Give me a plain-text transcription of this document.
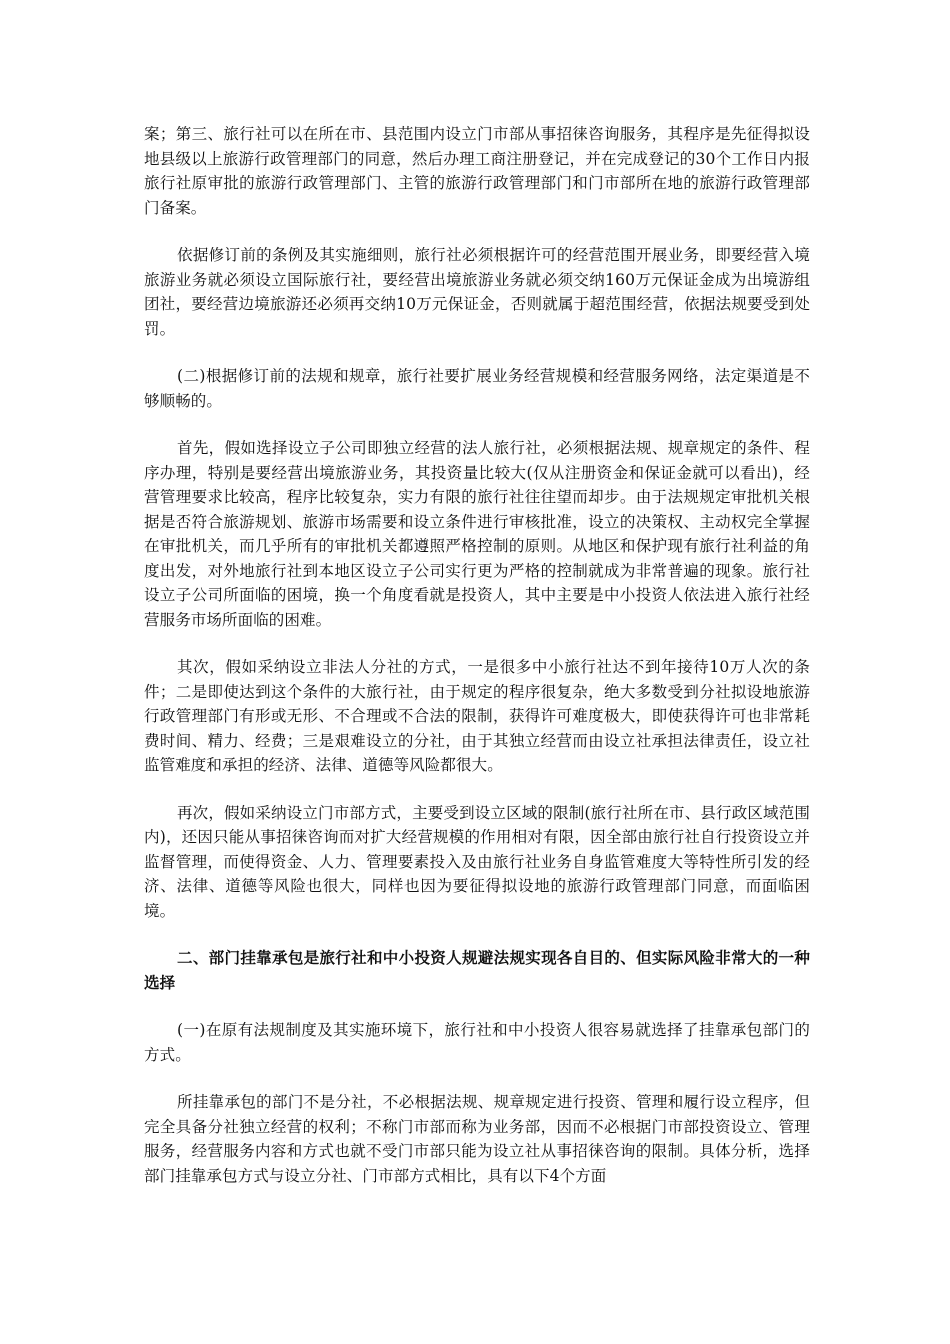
案；第三、旅行社可以在所在市、县范围内设立门市部从事招徕咨询服务，其程序是先征得拟设地县级以上旅游行政管理部门的同意，然后办理工商注册登记，并在完成登记的30个工作日内报旅行社原审批的旅游行政管理部门、主管的旅游行政管理部门和门市部所在地的旅游行政管理部门备案。

依据修订前的条例及其实施细则，旅行社必须根据许可的经营范围开展业务，即要经营入境旅游业务就必须设立国际旅行社，要经营出境旅游业务就必须交纳160万元保证金成为出境游组团社，要经营边境旅游还必须再交纳10万元保证金，否则就属于超范围经营，依据法规要受到处罚。

(二)根据修订前的法规和规章，旅行社要扩展业务经营规模和经营服务网络，法定渠道是不够顺畅的。

首先，假如选择设立子公司即独立经营的法人旅行社，必须根据法规、规章规定的条件、程序办理，特别是要经营出境旅游业务，其投资量比较大(仅从注册资金和保证金就可以看出)，经营管理要求比较高，程序比较复杂，实力有限的旅行社往往望而却步。由于法规规定审批机关根据是否符合旅游规划、旅游市场需要和设立条件进行审核批准，设立的决策权、主动权完全掌握在审批机关，而几乎所有的审批机关都遵照严格控制的原则。从地区和保护现有旅行社利益的角度出发，对外地旅行社到本地区设立子公司实行更为严格的控制就成为非常普遍的现象。旅行社设立子公司所面临的困境，换一个角度看就是投资人，其中主要是中小投资人依法进入旅行社经营服务市场所面临的困难。

其次，假如采纳设立非法人分社的方式，一是很多中小旅行社达不到年接待10万人次的条件；二是即使达到这个条件的大旅行社，由于规定的程序很复杂，绝大多数受到分社拟设地旅游行政管理部门有形或无形、不合理或不合法的限制，获得许可难度极大，即使获得许可也非常耗费时间、精力、经费；三是艰难设立的分社，由于其独立经营而由设立社承担法律责任，设立社监管难度和承担的经济、法律、道德等风险都很大。

再次，假如采纳设立门市部方式，主要受到设立区域的限制(旅行社所在市、县行政区域范围内)，还因只能从事招徕咨询而对扩大经营规模的作用相对有限，因全部由旅行社自行投资设立并监督管理，而使得资金、人力、管理要素投入及由旅行社业务自身监管难度大等特性所引发的经济、法律、道德等风险也很大，同样也因为要征得拟设地的旅游行政管理部门同意，而面临困境。

二、部门挂靠承包是旅行社和中小投资人规避法规实现各自目的、但实际风险非常大的一种选择

(一)在原有法规制度及其实施环境下，旅行社和中小投资人很容易就选择了挂靠承包部门的方式。

所挂靠承包的部门不是分社，不必根据法规、规章规定进行投资、管理和履行设立程序，但完全具备分社独立经营的权利；不称门市部而称为业务部，因而不必根据门市部投资设立、管理服务，经营服务内容和方式也就不受门市部只能为设立社从事招徕咨询的限制。具体分析，选择部门挂靠承包方式与设立分社、门市部方式相比，具有以下4个方面
